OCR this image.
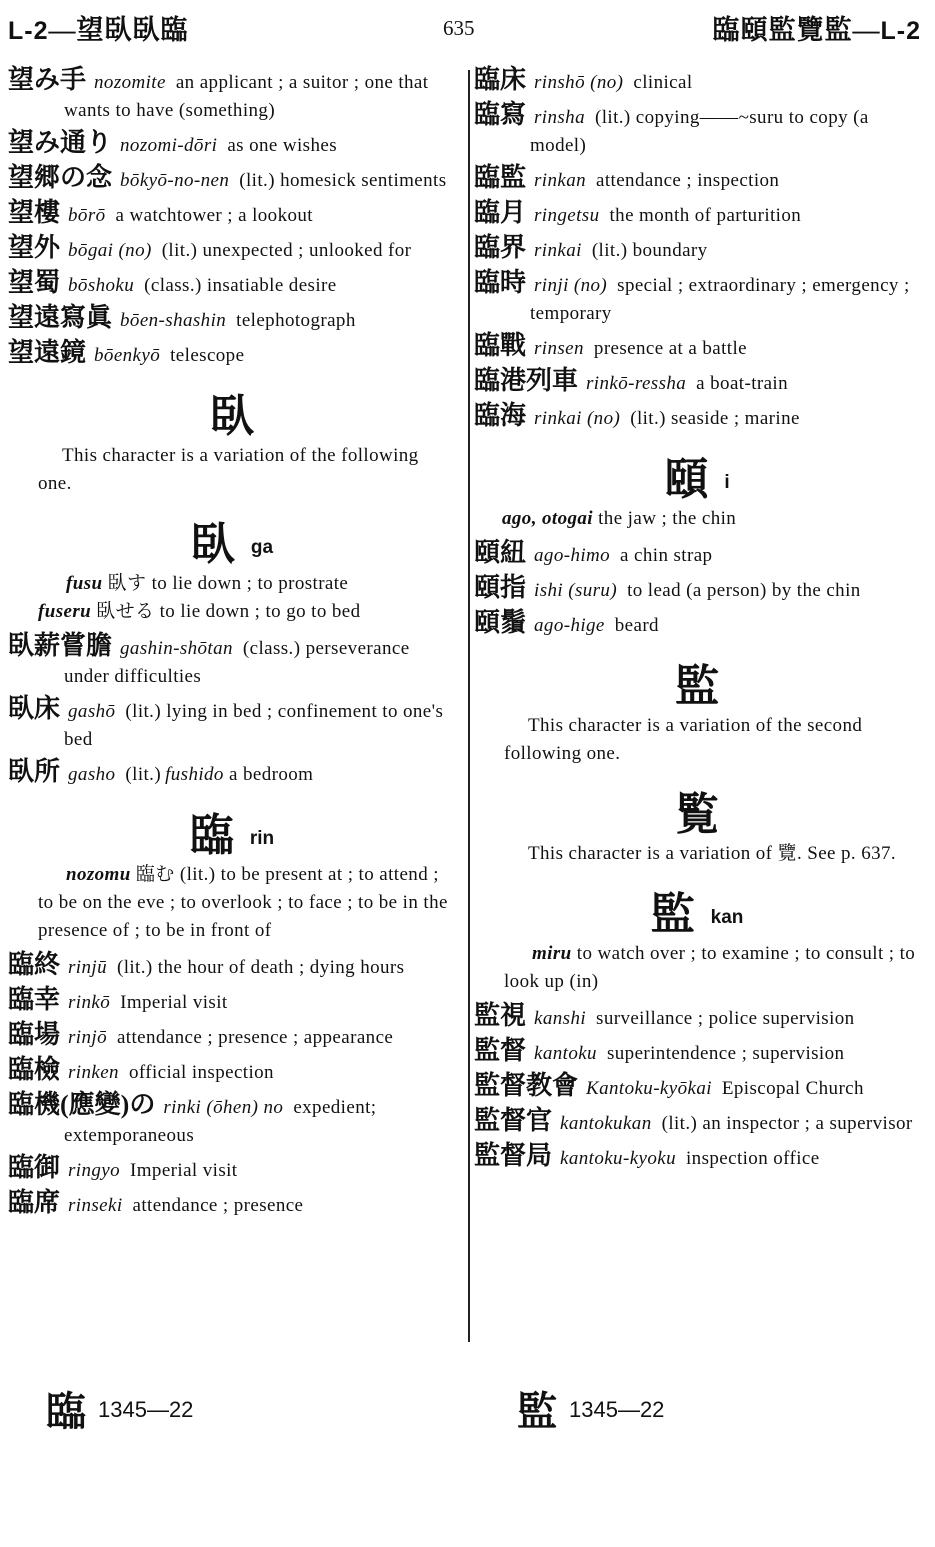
L-2—望臥臥臨	635	臨頤監覽監—L-2
望み手 nozomite an applicant ; a suitor ; one that wants to have (something)
望み通り nozomi-dōri as one wishes
望郷の念 bōkyō-no-nen (lit.) homesick sentiments
望樓 bōrō a watchtower ; a lookout
望外 bōgai (no) (lit.) unexpected ; unlooked for
望蜀 bōshoku (class.) insatiable desire
望遠寫眞 bōen-shashin telephotograph
望遠鏡 bōenkyō telescope
臥
This character is a variation of the following one.
臥ga
fusu 臥す to lie down ; to prostrate
fuseru 臥せる to lie down ; to go to bed
臥薪嘗膽 gashin-shōtan (class.) perseverance under difficulties
臥床 gashō (lit.) lying in bed ; confinement to one's bed
臥所 gasho (lit.) fushido a bedroom
臨rin
nozomu 臨む (lit.) to be present at ; to attend ; to be on the eve ; to overlook ; to face ; to be in the presence of ; to be in front of
臨終 rinjū (lit.) the hour of death ; dying hours
臨幸 rinkō Imperial visit
臨場 rinjō attendance ; presence ; appearance
臨檢 rinken official inspection
臨機(應變)の rinki (ōhen) no expedient; extemporaneous
臨御 ringyo Imperial visit
臨席 rinseki attendance ; presence
臨床 rinshō (no) clinical
臨寫 rinsha (lit.) copying——~suru to copy (a model)
臨監 rinkan attendance ; inspection
臨月 ringetsu the month of parturition
臨界 rinkai (lit.) boundary
臨時 rinji (no) special ; extraordinary ; emergency ; temporary
臨戰 rinsen presence at a battle
臨港列車 rinkō-ressha a boat-train
臨海 rinkai (no) (lit.) seaside ; marine
頤i
ago, otogai the jaw ; the chin
頤紐 ago-himo a chin strap
頤指 ishi (suru) to lead (a person) by the chin
頤鬚 ago-hige beard
監
This character is a variation of the second following one.
覧
This character is a variation of 覽. See p. 637.
監kan
miru to watch over ; to examine ; to consult ; to look up (in)
監視 kanshi surveillance ; police supervision
監督 kantoku superintendence ; supervision
監督教會 Kantoku-kyōkai Episcopal Church
監督官 kantokukan (lit.) an inspector ; a supervisor
監督局 kantoku-kyoku inspection office
臨 1345—22	監 1345—22
